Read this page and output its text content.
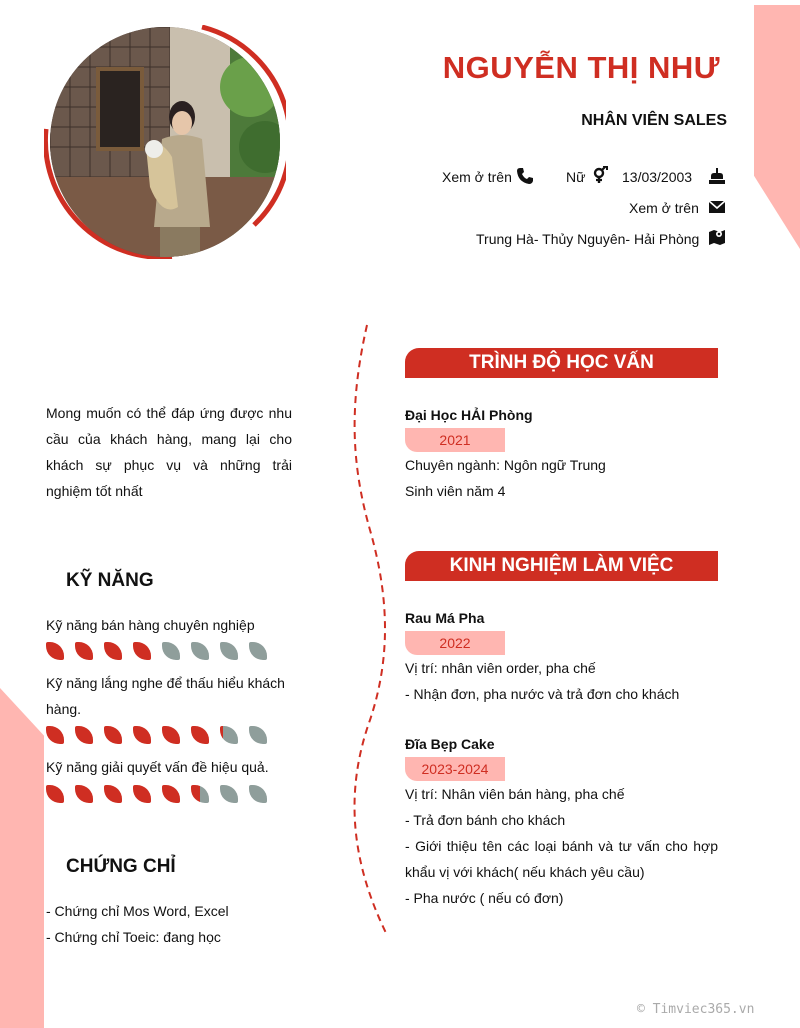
NGUYỄN THỊ NHƯ
NHÂN VIÊN SALES
Xem ở trên	Nữ	13/03/2003
Xem ở trên
Trung Hà- Thủy Nguyên- Hải Phòng
Mong muốn có thể đáp ứng được nhu cầu của khách hàng, mang lại cho khách sự phục vụ và những trải nghiệm tốt nhất
KỸ NĂNG
Kỹ năng bán hàng chuyên nghiệp
Kỹ năng lắng nghe để thấu hiểu khách hàng.
Kỹ năng giải quyết vấn đề hiệu quả.
CHỨNG CHỈ
- Chứng chỉ Mos Word, Excel
- Chứng chỉ Toeic: đang học
TRÌNH ĐỘ HỌC VẤN
Đại Học HẢI Phòng
2021
Chuyên ngành: Ngôn ngữ Trung
Sinh viên năm 4
KINH NGHIỆM LÀM VIỆC
Rau Má Pha
2022
Vị trí: nhân viên order, pha chế
- Nhận đơn, pha nước và trả đơn cho khách
Đĩa Bẹp Cake
2023-2024
Vị trí: Nhân viên bán hàng, pha chế
- Trả đơn bánh cho khách
- Giới thiệu tên các loại bánh và tư vấn cho hợp khẩu vị với khách( nếu khách yêu cầu)
- Pha nước ( nếu có đơn)
© Timviec365.vn
